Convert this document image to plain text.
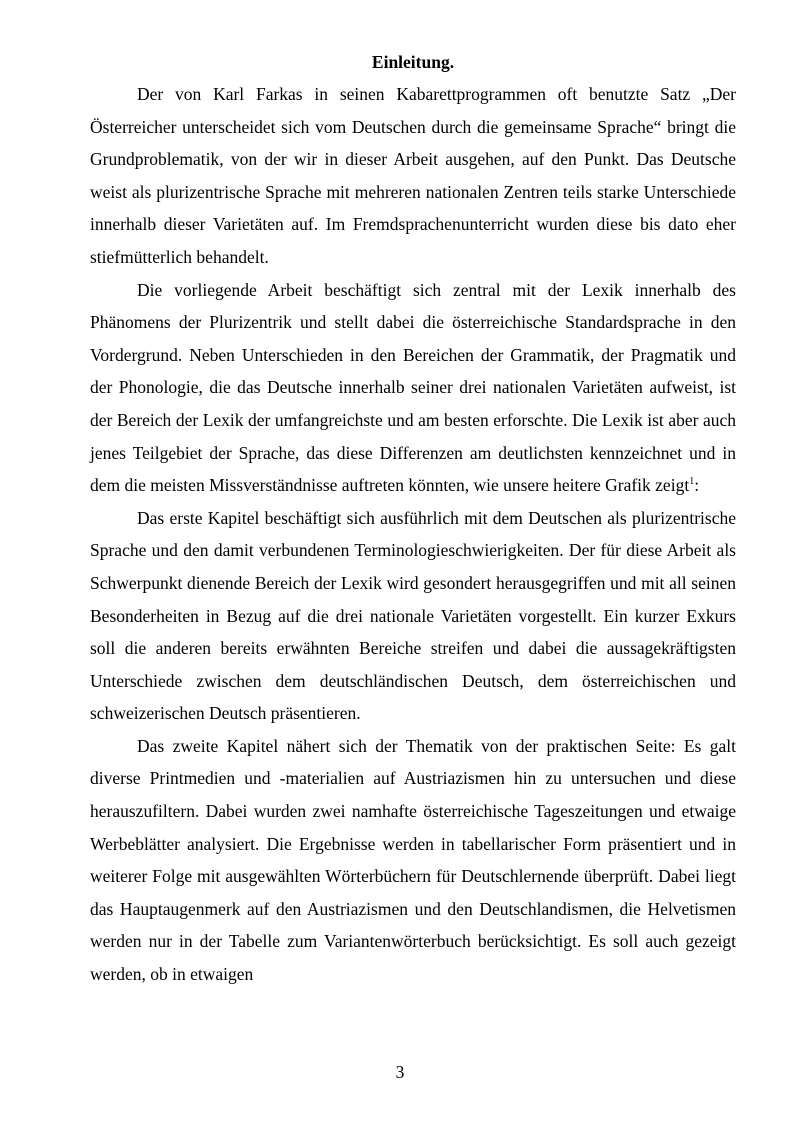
Einleitung.

Der von Karl Farkas in seinen Kabarettprogrammen oft benutzte Satz „Der Österreicher unterscheidet sich vom Deutschen durch die gemeinsame Sprache“ bringt die Grundproblematik, von der wir in dieser Arbeit ausgehen, auf den Punkt. Das Deutsche weist als plurizentrische Sprache mit mehreren nationalen Zentren teils starke Unterschiede innerhalb dieser Varietäten auf. Im Fremdsprachenunterricht wurden diese bis dato eher stiefmütterlich behandelt.

Die vorliegende Arbeit beschäftigt sich zentral mit der Lexik innerhalb des Phänomens der Plurizentrik und stellt dabei die österreichische Standardsprache in den Vordergrund. Neben Unterschieden in den Bereichen der Grammatik, der Pragmatik und der Phonologie, die das Deutsche innerhalb seiner drei nationalen Varietäten aufweist, ist der Bereich der Lexik der umfangreichste und am besten erforschte. Die Lexik ist aber auch jenes Teilgebiet der Sprache, das diese Differenzen am deutlichsten kennzeichnet und in dem die meisten Missverständnisse auftreten könnten, wie unsere heitere Grafik zeigt$^1$:

Das erste Kapitel beschäftigt sich ausführlich mit dem Deutschen als plurizentrische Sprache und den damit verbundenen Terminologieschwierigkeiten. Der für diese Arbeit als Schwerpunkt dienende Bereich der Lexik wird gesondert herausgegriffen und mit all seinen Besonderheiten in Bezug auf die drei nationale Varietäten vorgestellt. Ein kurzer Exkurs soll die anderen bereits erwähnten Bereiche streifen und dabei die aussagekräftigsten Unterschiede zwischen dem deutschländischen Deutsch, dem österreichischen und schweizerischen Deutsch präsentieren.

Das zweite Kapitel nähert sich der Thematik von der praktischen Seite: Es galt diverse Printmedien und -materialien auf Austriazismen hin zu untersuchen und diese herauszufiltern. Dabei wurden zwei namhafte österreichische Tageszeitungen und etwaige Werbeblätter analysiert. Die Ergebnisse werden in tabellarischer Form präsentiert und in weiterer Folge mit ausgewählten Wörterbüchern für Deutschlernende überprüft. Dabei liegt das Hauptaugenmerk auf den Austriazismen und den Deutschlandismen, die Helvetismen werden nur in der Tabelle zum Variantenwörterbuch berücksichtigt. Es soll auch gezeigt werden, ob in etwaigen

3
